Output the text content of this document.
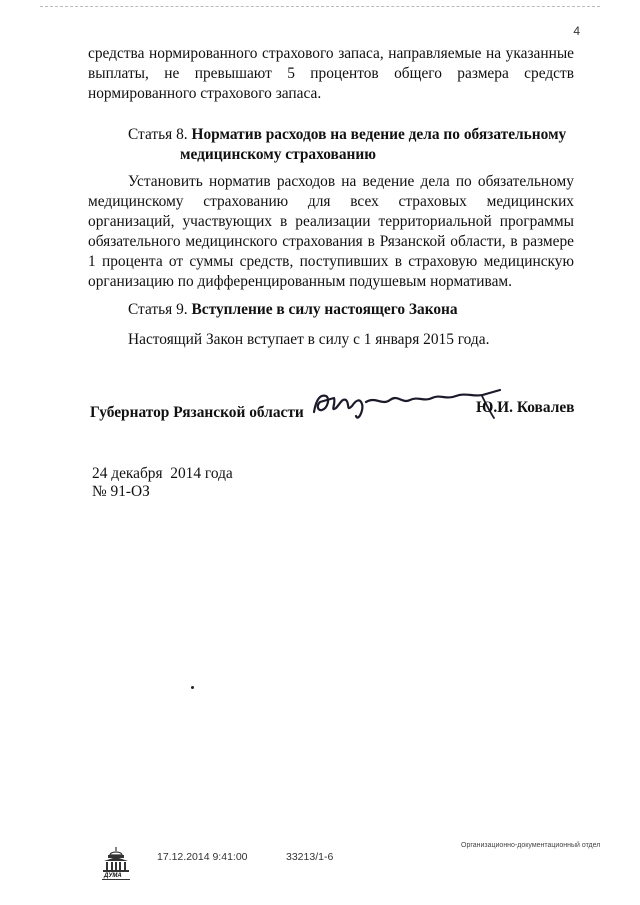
4

средства нормированного страхового запаса, направляемые на указанные выплаты, не превышают 5 процентов общего размера средств нормированного страхового запаса.

Статья 8. Норматив расходов на ведение дела по обязательному
медицинскому страхованию

Установить норматив расходов на ведение дела по обязательному медицинскому страхованию для всех страховых медицинских организаций, участвующих в реализации территориальной программы обязательного медицинского страхования в Рязанской области, в размере 1 процента от суммы средств, поступивших в страховую медицинскую организацию по дифференцированным подушевым нормативам.

Статья 9. Вступление в силу настоящего Закона
Настоящий Закон вступает в силу с 1 января 2015 года.
Губернатор Рязанской области	Ю.И. Ковалев
24 декабря  2014 года
№ 91-ОЗ
ДУМА
17.12.2014 9:41:00	33213/1-6
Организационно-документационный отдел
